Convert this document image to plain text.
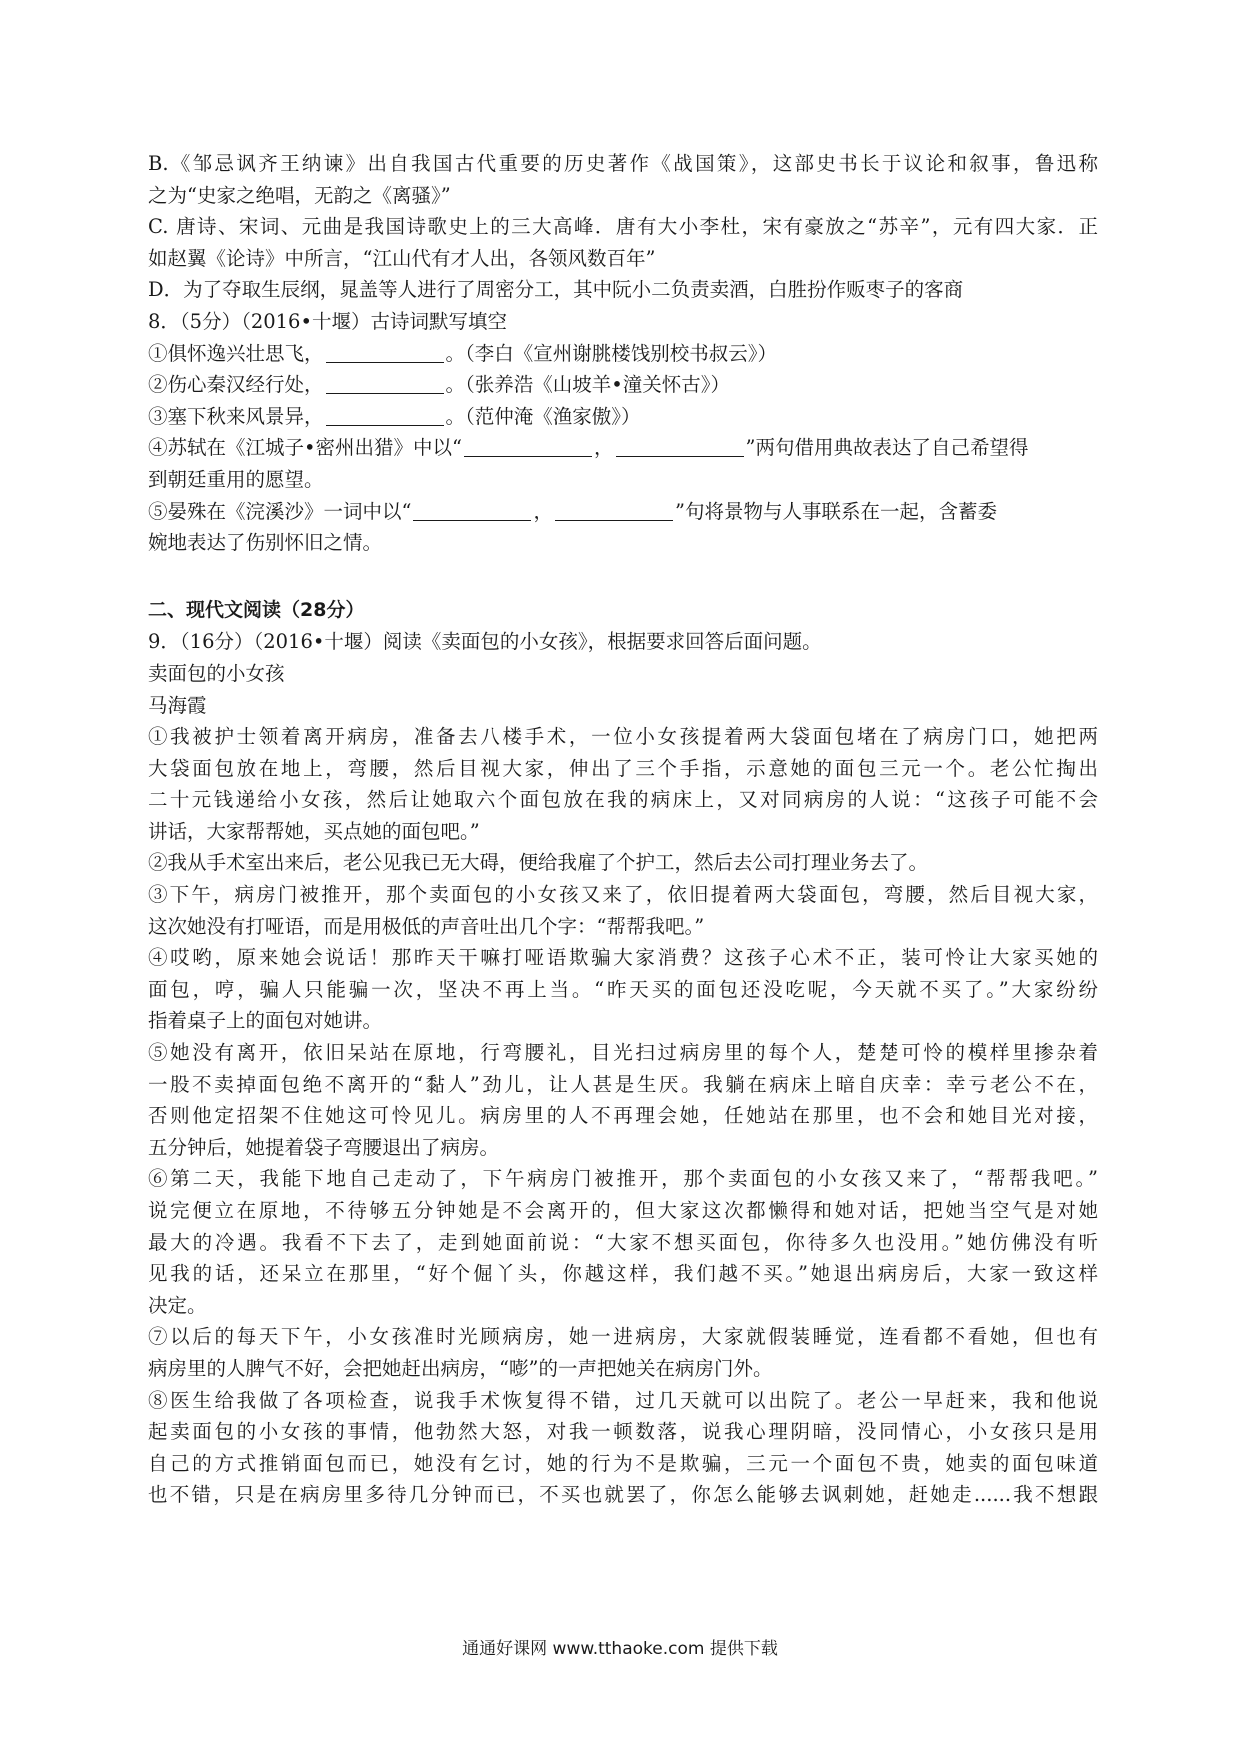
B.《邹忌讽齐王纳谏》出自我国古代重要的历史著作《战国策》，这部史书长于议论和叙事，鲁迅称
之为“史家之绝唱，无韵之《离骚》”
C. 唐诗、宋词、元曲是我国诗歌史上的三大高峰．唐有大小李杜，宋有豪放之“苏辛”，元有四大家．正
如赵翼《论诗》中所言，“江山代有才人出，各领风数百年”
D．为了夺取生辰纲，晁盖等人进行了周密分工，其中阮小二负责卖酒，白胜扮作贩枣子的客商
8．（5分）（2016•十堰）古诗词默写填空
①俱怀逸兴壮思飞，	。（李白《宣州谢朓楼饯别校书叔云》）
②伤心秦汉经行处，	。（张养浩《山坡羊•潼关怀古》）
③塞下秋来风景异，	。（范仲淹《渔家傲》）
④苏轼在《江城子•密州出猎》中以“	，	”两句借用典故表达了自己希望得
到朝廷重用的愿望。
⑤晏殊在《浣溪沙》一词中以“	，	”句将景物与人事联系在一起，含蓄委
婉地表达了伤别怀旧之情。
二、现代文阅读（28分）
9．（16分）（2016•十堰）阅读《卖面包的小女孩》，根据要求回答后面问题。
卖面包的小女孩
马海霞
①我被护士领着离开病房，准备去八楼手术，一位小女孩提着两大袋面包堵在了病房门口，她把两
大袋面包放在地上，弯腰，然后目视大家，伸出了三个手指，示意她的面包三元一个。老公忙掏出
二十元钱递给小女孩，然后让她取六个面包放在我的病床上，又对同病房的人说：“这孩子可能不会
讲话，大家帮帮她，买点她的面包吧。”
②我从手术室出来后，老公见我已无大碍，便给我雇了个护工，然后去公司打理业务去了。
③下午，病房门被推开，那个卖面包的小女孩又来了，依旧提着两大袋面包，弯腰，然后目视大家，
这次她没有打哑语，而是用极低的声音吐出几个字：“帮帮我吧。”
④哎哟，原来她会说话！那昨天干嘛打哑语欺骗大家消费？这孩子心术不正，装可怜让大家买她的
面包，哼，骗人只能骗一次，坚决不再上当。“昨天买的面包还没吃呢，今天就不买了。”大家纷纷
指着桌子上的面包对她讲。
⑤她没有离开，依旧呆站在原地，行弯腰礼，目光扫过病房里的每个人，楚楚可怜的模样里掺杂着
一股不卖掉面包绝不离开的“黏人”劲儿，让人甚是生厌。我躺在病床上暗自庆幸：幸亏老公不在，
否则他定招架不住她这可怜见儿。病房里的人不再理会她，任她站在那里，也不会和她目光对接，
五分钟后，她提着袋子弯腰退出了病房。
⑥第二天，我能下地自己走动了，下午病房门被推开，那个卖面包的小女孩又来了，“帮帮我吧。”
说完便立在原地，不待够五分钟她是不会离开的，但大家这次都懒得和她对话，把她当空气是对她
最大的冷遇。我看不下去了，走到她面前说：“大家不想买面包，你待多久也没用。”她仿佛没有听
见我的话，还呆立在那里，“好个倔丫头，你越这样，我们越不买。”她退出病房后，大家一致这样
决定。
⑦以后的每天下午，小女孩准时光顾病房，她一进病房，大家就假装睡觉，连看都不看她，但也有
病房里的人脾气不好，会把她赶出病房，“嘭”的一声把她关在病房门外。
⑧医生给我做了各项检查，说我手术恢复得不错，过几天就可以出院了。老公一早赶来，我和他说
起卖面包的小女孩的事情，他勃然大怒，对我一顿数落，说我心理阴暗，没同情心，小女孩只是用
自己的方式推销面包而已，她没有乞讨，她的行为不是欺骗，三元一个面包不贵，她卖的面包味道
也不错，只是在病房里多待几分钟而已，不买也就罢了，你怎么能够去讽刺她，赶她走......我不想跟
通通好课网 www.tthaoke.com 提供下载
